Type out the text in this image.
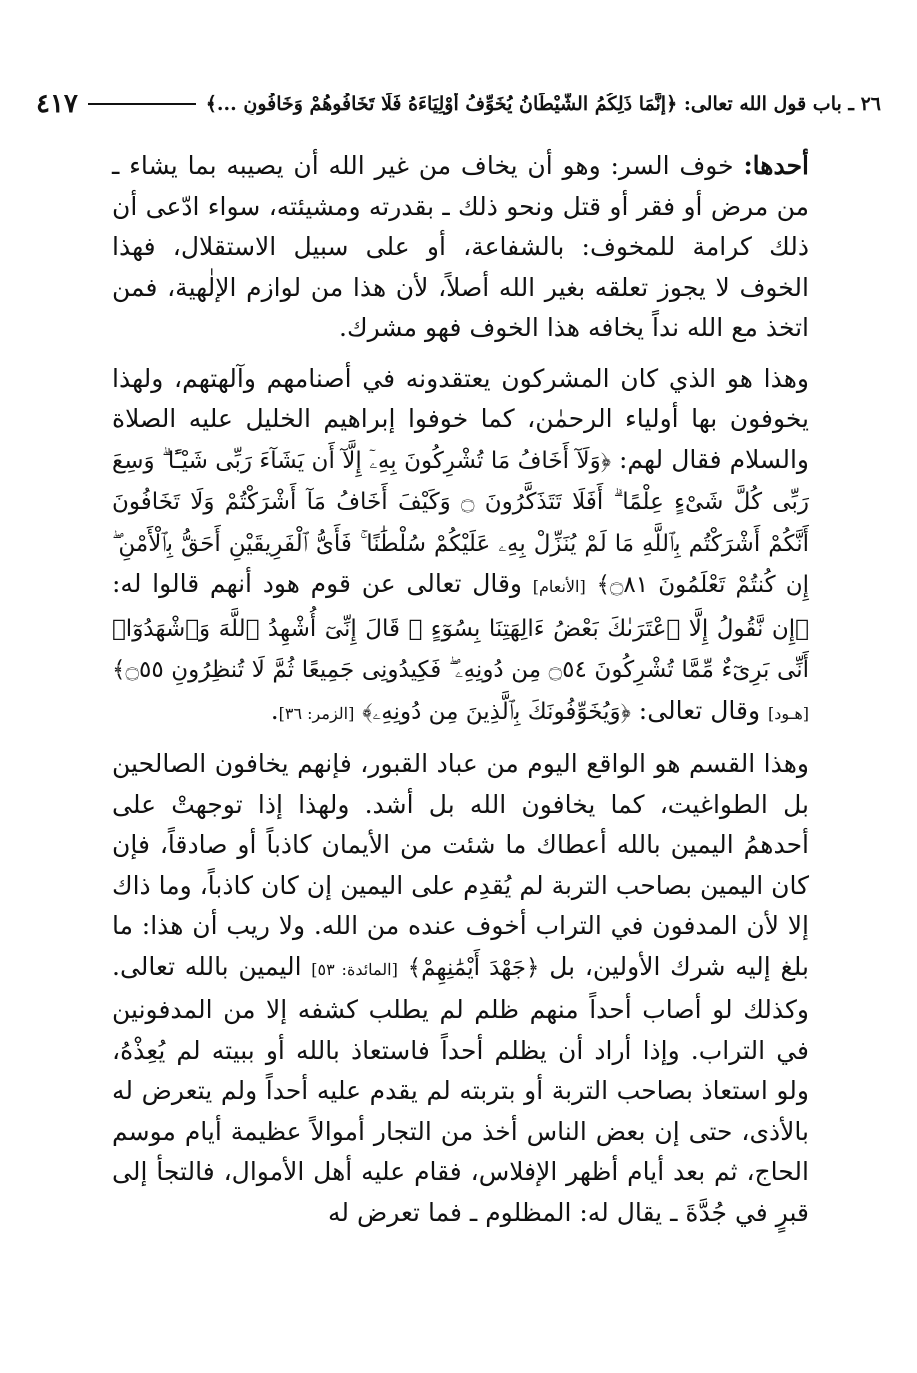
٢٦ ـ باب قول الله تعالى: ﴿إِنَّمَا ذَلِكُمُ الشَّيْطَانُ يُخَوِّفُ أَوْلِيَاءَهُ فَلَا تَخَافُوهُمْ وَخَافُونِ ...﴾
٤١٧

أحدها: خوف السر: وهو أن يخاف من غير الله أن يصيبه بما يشاء ـ من مرض أو فقر أو قتل ونحو ذلك ـ بقدرته ومشيئته، سواء ادّعى أن ذلك كرامة للمخوف: بالشفاعة، أو على سبيل الاستقلال، فهذا الخوف لا يجوز تعلقه بغير الله أصلاً، لأن هذا من لوازم الإلٰهية، فمن اتخذ مع الله نداً يخافه هذا الخوف فهو مشرك.

وهذا هو الذي كان المشركون يعتقدونه في أصنامهم وآلهتهم، ولهذا يخوفون بها أولياء الرحمٰن، كما خوفوا إبراهيم الخليل عليه الصلاة والسلام فقال لهم: ﴿وَلَآ أَخَافُ مَا تُشْرِكُونَ بِهِۦٓ إِلَّآ أَن يَشَآءَ رَبِّى شَيْـًٔا ۗ وَسِعَ رَبِّى كُلَّ شَىْءٍ عِلْمًا ۗ أَفَلَا تَتَذَكَّرُونَ ۝ وَكَيْفَ أَخَافُ مَآ أَشْرَكْتُمْ وَلَا تَخَافُونَ أَنَّكُمْ أَشْرَكْتُم بِٱللَّهِ مَا لَمْ يُنَزِّلْ بِهِۦ عَلَيْكُمْ سُلْطَٰنًا ۚ فَأَىُّ ٱلْفَرِيقَيْنِ أَحَقُّ بِٱلْأَمْنِ ۖ إِن كُنتُمْ تَعْلَمُونَ ۝٨١﴾ [الأنعام] وقال تعالى عن قوم هود أنهم قالوا له: ﴿إِن نَّقُولُ إِلَّا ٱعْتَرَىٰكَ بَعْضُ ءَالِهَتِنَا بِسُوٓءٍ ۗ قَالَ إِنِّىٓ أُشْهِدُ ٱللَّهَ وَٱشْهَدُوٓا۟ أَنِّى بَرِىٓءٌ مِّمَّا تُشْرِكُونَ ۝٥٤ مِن دُونِهِۦ ۖ فَكِيدُونِى جَمِيعًا ثُمَّ لَا تُنظِرُونِ ۝٥٥﴾ [هـود] وقال تعالى: ﴿وَيُخَوِّفُونَكَ بِٱلَّذِينَ مِن دُونِهِۦ﴾ [الزمر: ٣٦].

وهذا القسم هو الواقع اليوم من عباد القبور، فإنهم يخافون الصالحين بل الطواغيت، كما يخافون الله بل أشد. ولهذا إذا توجهتْ على أحدهمُ اليمين بالله أعطاك ما شئت من الأيمان كاذباً أو صادقاً، فإن كان اليمين بصاحب التربة لم يُقدِم على اليمين إن كان كاذباً، وما ذاك إلا لأن المدفون في التراب أخوف عنده من الله. ولا ريب أن هذا: ما بلغ إليه شرك الأولين، بل ﴿جَهْدَ أَيْمَٰنِهِمْ﴾ [المائدة: ٥٣] اليمين بالله تعالى. وكذلك لو أصاب أحداً منهم ظلم لم يطلب كشفه إلا من المدفونين في التراب. وإذا أراد أن يظلم أحداً فاستعاذ بالله أو ببيته لم يُعِذْهُ، ولو استعاذ بصاحب التربة أو بتربته لم يقدم عليه أحداً ولم يتعرض له بالأذى، حتى إن بعض الناس أخذ من التجار أموالاً عظيمة أيام موسم الحاج، ثم بعد أيام أظهر الإفلاس، فقام عليه أهل الأموال، فالتجأ إلى قبرٍ في جُدَّةَ ـ يقال له: المظلوم ـ فما تعرض له
